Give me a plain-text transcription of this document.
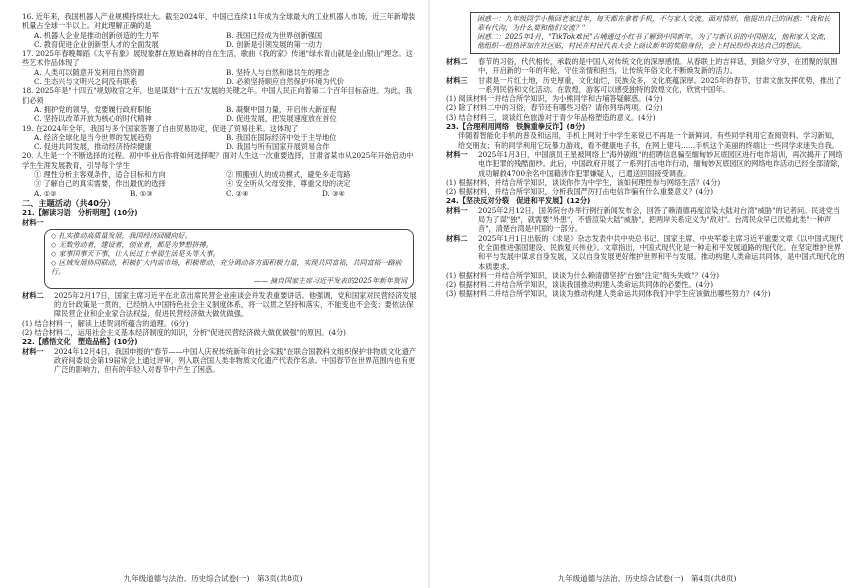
16. 近年来，我国机器人产业规模持续壮大。截至2024年，中国已连续11年成为全球最大的工业机器人市场，近三年新增装机量占全球一半以上。对此理解正确的是
A. 机器人企业是推动创新创造的生力军	B. 我国已经成为世界创新强国
C. 教育促进企业创新型人才的全面发展	D. 创新是引领发展的第一动力
17. 2025年春晚舞蹈《太平有象》展现象群在原始森林的自在生活，歌曲《我的家》传递"绿水青山就是金山银山"理念。这些艺术作品体现了
A. 人类可以随意开发利用自然资源	B. 坚持人与自然和谐共生的理念
C. 生态兴与文明兴之间没有联系	D. 必须坚持顺应自然保护环境为代价
18. 2025年是"十四五"规划收官之年，也是谋划"十五五"发展的关键之年。中国人民正向着第二个百年目标奋进。为此，我们必须
A. 拥护党的领导，党要履行政府职能	B. 凝聚中国力量，开启伟大新征程
C. 坚持以改革开放为核心的时代精神	D. 促进发展，把发展速度放在首位
19. 在2024年全年，我国与多个国家签署了自由贸易协定，促进了贸易往来。这体现了
A. 经济全球化是当今世界的发展趋势	B. 我国在国际经济中处于主导地位
C. 促进共同发展，推动经济持续健康	D. 我国与所有国家开展贸易合作
20. 人生是一个不断选择的过程。初中毕业后你将如何选择呢？面对人生这一次重要选择，甘肃省某市从2025年开始启动中学生生涯发展教育，引导每个学生
① 理性分析主客观条件，适合目标和方向	② 照搬别人的成功模式，避免多走弯路
③ 了解自己的真实需要，作出最优的选择	④ 安全听从父母安排，尊重父母的决定
A. ①②	B. ①③	C. ②④	D. ③④
二、主题活动（共40分）
21.【解读习语　分析明理】(10分)
材料一

◇ 扎实推动高质量发展，我国经济回暖向好。

◇ 无数劳动者，建设者，创业者，都是为梦想拼搏。

◇ 家事国事天下事，让人民过上幸福生活是头等大事。

◇ 区域发展协同联动，积极扩大内需市场，积极带动，充分调动各方面积极力量，实现共同富裕，共同富裕一路前行。

—— 摘自国家主席习近平发表的2025年新年贺词

材料二	2025年2月17日，国家主席习近平在北京出席民营企业座谈会并发表重要讲话。他强调，党和国家对民营经济发展的方针政策是一贯的，已经纳入中国特色社会主义制度体系，将一以贯之坚持和落实，不能变也不会变；要依法保障民营企业和企业家合法权益，促进民营经济做大做优做强。
(1) 结合材料一，解读上述贺词所蕴含的道理。(6分)
(2) 结合材料二，运用社会主义基本经济制度的知识，分析"促进民营经济做大做优做强"的原因。(4分)
22.【感悟文化　塑造品格】(10分)
材料一	2024年12月4日，我国申报的"春节——中国人庆祝传统新年的社会实践"在联合国教科文组织保护非物质文化遗产政府间委员会第19届常会上通过评审，列入联合国人类非物质文化遗产代表作名录。中国春节在世界范围内也有更广泛的影响力，但有的年轻人对春节中产生了困惑。
九年级道德与法治、历史综合试卷(一)　第3页(共8页)

困惑一：九年级同学小熊回老家过年，每天都在拿着手机，不与家人交流。面对情形，他提出自己的困惑："我和长辈有代沟，为什么要和他们交流？"

困惑二：2025年1月，"TikTok难民"古埔通过小红书了解到中国新年。为了与新认识的中国朋友，他和家人交流，他组织一组热评加在社区贴，村民在村民代表大会上商议新年的奖励身份，会上村民纷纷表达自己的想法。

材料二	春节的习俗，代代相传，承载的是中国人对传统文化的深厚感情。从春联上的吉祥话，到除夕守岁，在团聚的氛围中，开启新的一年的年轮，守住亲情和担当，让传统年俗文化不断焕发新的活力。
材料三	甘肃是一片红土地，历史厚重，文化灿烂，民族众多，文化底蕴深厚。2025年的春节，甘肃文旅发挥优势，推出了一系列民俗和文化活动。在敦煌，游客可以感受独特的敦煌文化，欣赏中国年。
(1) 阅读材料一并结合所学知识，为小熊同学和古埔答疑解惑。(4分)
(2) 除了材料二中的习俗，春节还有哪些习俗？请你列举两项。(2分)
(3) 结合材料三，谈谈红色旅游对于青少年品格塑造的意义。(4分)
23.【合理利用网络　铁腕重拳反诈】(8分)
伴随着智能化手机的普及和运用，手机上网对于中学生来说已不再是一个新鲜词。有些同学利用它查阅资料、学习新知，给交朋友；有的同学利用它玩暴力游戏，看不健康电子书，在网上建马……手机这个美丽的终端让一些同学求迷失自我。
材料一	2025年1月3日，中国演员王星被网络上"海外剧组"的招聘信息骗至缅甸妙瓦底园区进行电诈培训，再次揭开了网络电诈犯罪的残酷面纱。此后，中国政府开展了一系列打击电诈行动，缅甸妙瓦底园区的网络电诈活动已经全部清除，成功解救4700余名中国籍涉诈犯罪嫌疑人，已遣送回国接受调查。
(1) 根据材料，并结合所学知识，谈谈你作为中学生，该如何理性参与网络生活？(4分)
(2) 根据材料，并结合所学知识，分析我国严厉打击电信诈骗有什么重要意义？(4分)
24.【坚决反对分裂　促进和平发展】(12分)
材料一	2025年2月12日，国务院台办举行例行新闻发布会，回答了赖清德再度渲染大陆对台湾"威胁"的记者问。民进党当局为了谋"独"，就需要"外患"，不惜渲染大陆"威胁"，把两岸关系定义为"敌对"。台湾民众早已厌倦此类"一种声音"，清楚台湾是中国的一部分。
材料二	2025年1月1日出版的《求是》杂志发表中共中央总书记、国家主席、中央军委主席习近平重要文章《以中国式现代化全面推进强国建设、民族复兴伟业》。文章指出，中国式现代化是一种走和平发展道路的现代化。在坚定维护世界和平与发展中谋求自身发展，又以自身发展更好维护世界和平与发展。推动构建人类命运共同体，是中国式现代化的本质要求。
(1) 根据材料一并结合所学知识，谈谈为什么赖清德坚持"台独"注定"彻头失败"？(4分)
(2) 根据材料二并结合所学知识，谈谈我国推动构建人类命运共同体的必要性。(4分)
(3) 根据材料二并结合所学知识，谈谈为推动构建人类命运共同体我们中学生应该做出哪些努力？(4分)
九年级道德与法治、历史综合试卷(一)　第4页(共8页)
